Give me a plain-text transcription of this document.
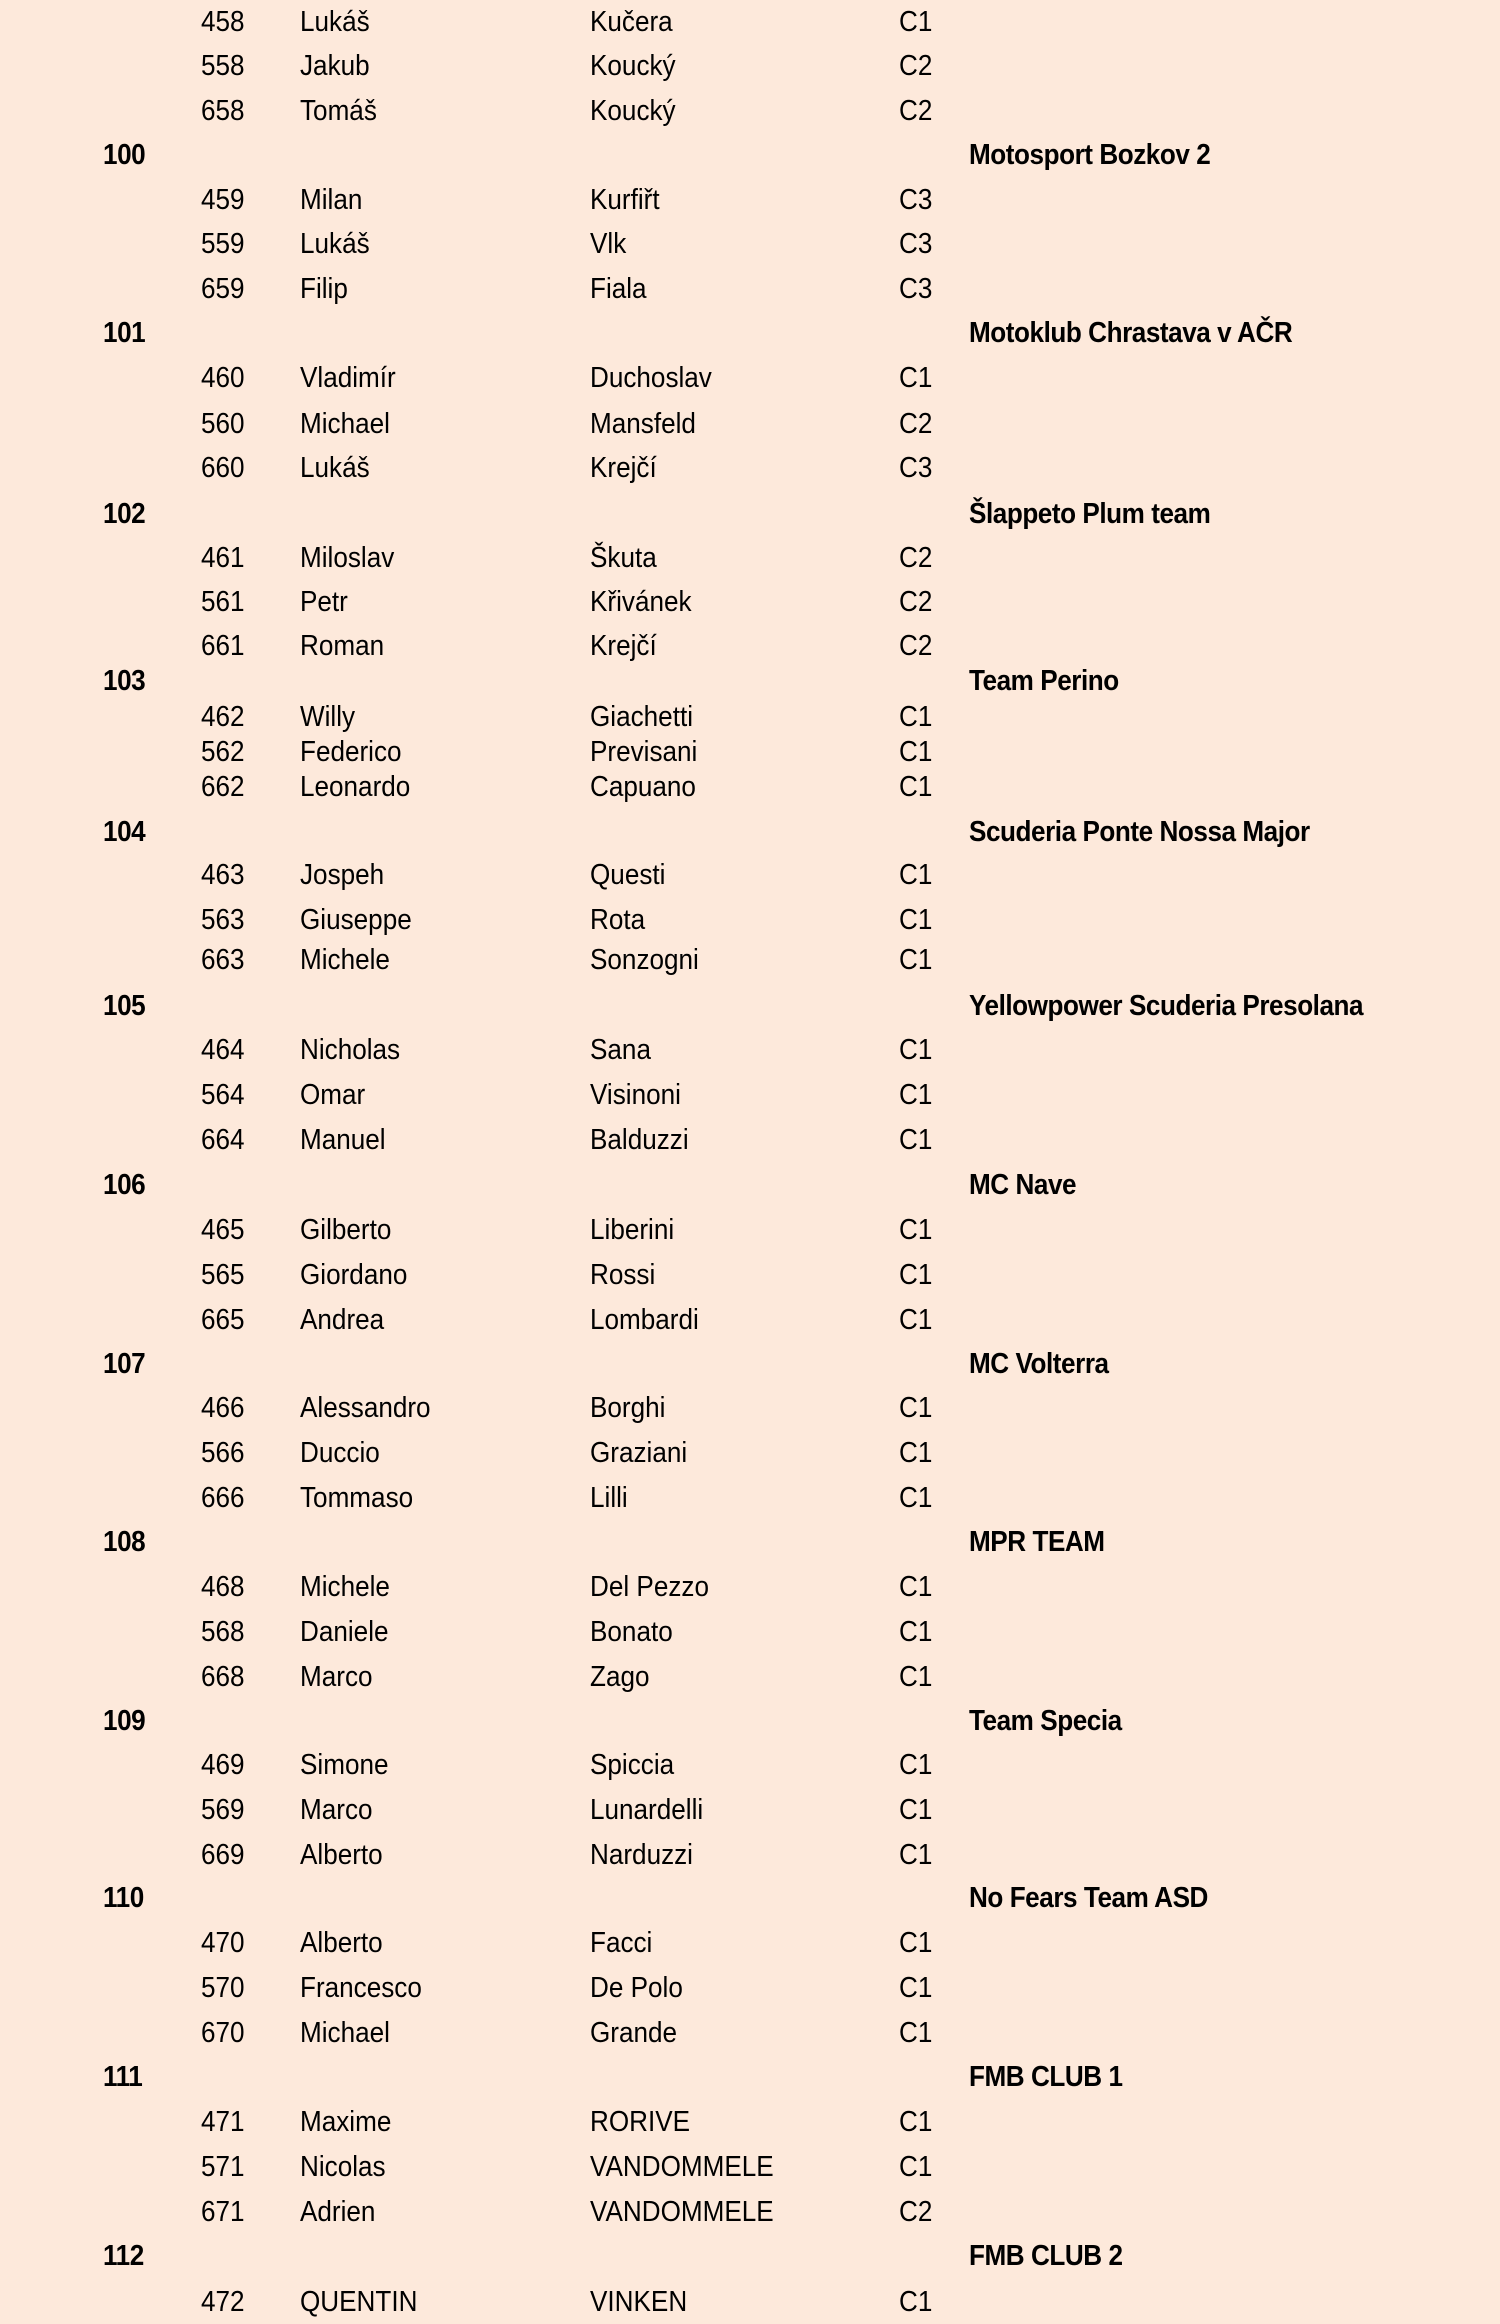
458 Lukáš	Kučera	C1
558 Jakub	Koucký	C2
658 Tomáš	Koucký	C2
100	Motosport Bozkov 2
459 Milan	Kurfiřt	C3
559 Lukáš	Vlk	C3
659 Filip	Fiala	C3
101	Motoklub Chrastava v AČR
460 Vladimír	Duchoslav	C1
560 Michael	Mansfeld	C2
660 Lukáš	Krejčí	C3
102	Šlappeto Plum team
461 Miloslav	Škuta	C2
561 Petr	Křivánek	C2
661 Roman	Krejčí	C2
103	Team Perino
462 Willy	Giachetti	C1
562 Federico	Previsani	C1
662 Leonardo	Capuano	C1
104	Scuderia Ponte Nossa Major
463 Jospeh	Questi	C1
563 Giuseppe	Rota	C1
663 Michele	Sonzogni	C1
105	Yellowpower Scuderia Presolana
464 Nicholas	Sana	C1
564 Omar	Visinoni	C1
664 Manuel	Balduzzi	C1
106	MC Nave
465 Gilberto	Liberini	C1
565 Giordano	Rossi	C1
665 Andrea	Lombardi	C1
107	MC Volterra
466 Alessandro	Borghi	C1
566 Duccio	Graziani	C1
666 Tommaso	Lilli	C1
108	MPR TEAM
468 Michele	Del Pezzo	C1
568 Daniele	Bonato	C1
668 Marco	Zago	C1
109	Team Specia
469 Simone	Spiccia	C1
569 Marco	Lunardelli	C1
669 Alberto	Narduzzi	C1
110	No Fears Team ASD
470 Alberto	Facci	C1
570 Francesco	De Polo	C1
670 Michael	Grande	C1
111	FMB CLUB 1
471 Maxime	RORIVE	C1
571 Nicolas	VANDOMMELE	C1
671 Adrien	VANDOMMELE	C2
112	FMB CLUB 2
472 QUENTIN	VINKEN	C1
